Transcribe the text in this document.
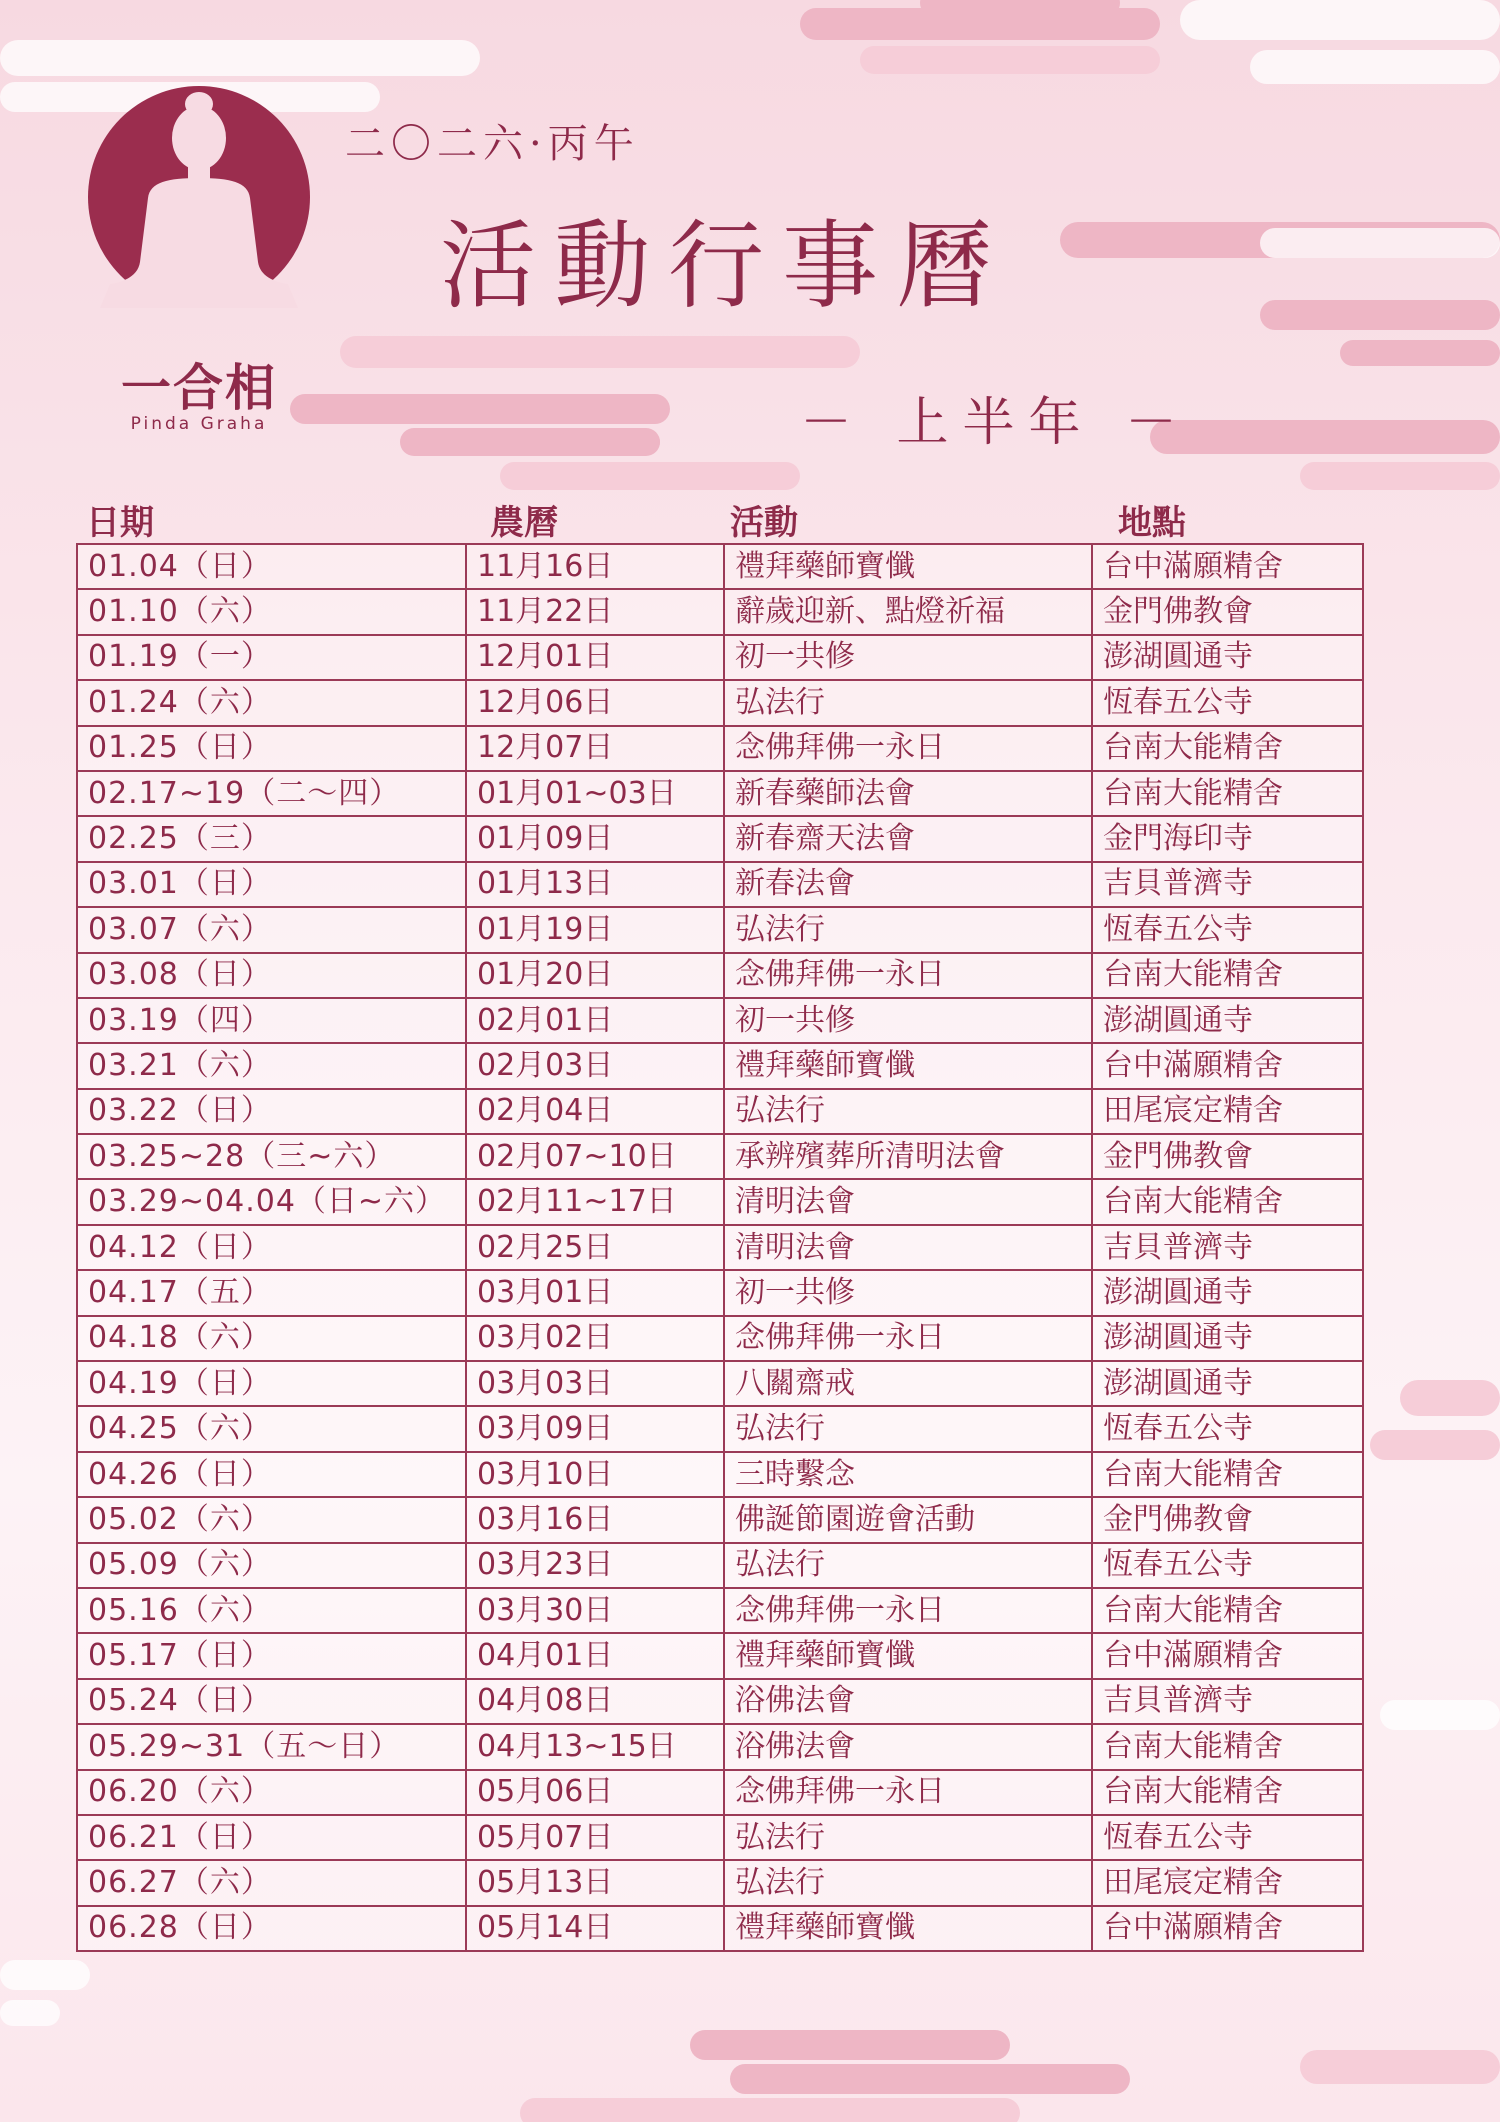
一合相
Pinda Graha
二〇二六·丙午
活動行事曆
－ 上半年 －
日期	農曆	活動	地點
01.04（日）	11月16日	禮拜藥師寶懺	台中滿願精舍
01.10（六）	11月22日	辭歲迎新、點燈祈福	金門佛教會
01.19（一）	12月01日	初一共修	澎湖圓通寺
01.24（六）	12月06日	弘法行	恆春五公寺
01.25（日）	12月07日	念佛拜佛一永日	台南大能精舍
02.17~19（二～四）	01月01~03日	新春藥師法會	台南大能精舍
02.25（三）	01月09日	新春齋天法會	金門海印寺
03.01（日）	01月13日	新春法會	吉貝普濟寺
03.07（六）	01月19日	弘法行	恆春五公寺
03.08（日）	01月20日	念佛拜佛一永日	台南大能精舍
03.19（四）	02月01日	初一共修	澎湖圓通寺
03.21（六）	02月03日	禮拜藥師寶懺	台中滿願精舍
03.22（日）	02月04日	弘法行	田尾宸定精舍
03.25~28（三~六）	02月07~10日	承辨殯葬所清明法會	金門佛教會
03.29~04.04（日~六）	02月11~17日	清明法會	台南大能精舍
04.12（日）	02月25日	清明法會	吉貝普濟寺
04.17（五）	03月01日	初一共修	澎湖圓通寺
04.18（六）	03月02日	念佛拜佛一永日	澎湖圓通寺
04.19（日）	03月03日	八關齋戒	澎湖圓通寺
04.25（六）	03月09日	弘法行	恆春五公寺
04.26（日）	03月10日	三時繫念	台南大能精舍
05.02（六）	03月16日	佛誕節園遊會活動	金門佛教會
05.09（六）	03月23日	弘法行	恆春五公寺
05.16（六）	03月30日	念佛拜佛一永日	台南大能精舍
05.17（日）	04月01日	禮拜藥師寶懺	台中滿願精舍
05.24（日）	04月08日	浴佛法會	吉貝普濟寺
05.29~31（五～日）	04月13~15日	浴佛法會	台南大能精舍
06.20（六）	05月06日	念佛拜佛一永日	台南大能精舍
06.21（日）	05月07日	弘法行	恆春五公寺
06.27（六）	05月13日	弘法行	田尾宸定精舍
06.28（日）	05月14日	禮拜藥師寶懺	台中滿願精舍
